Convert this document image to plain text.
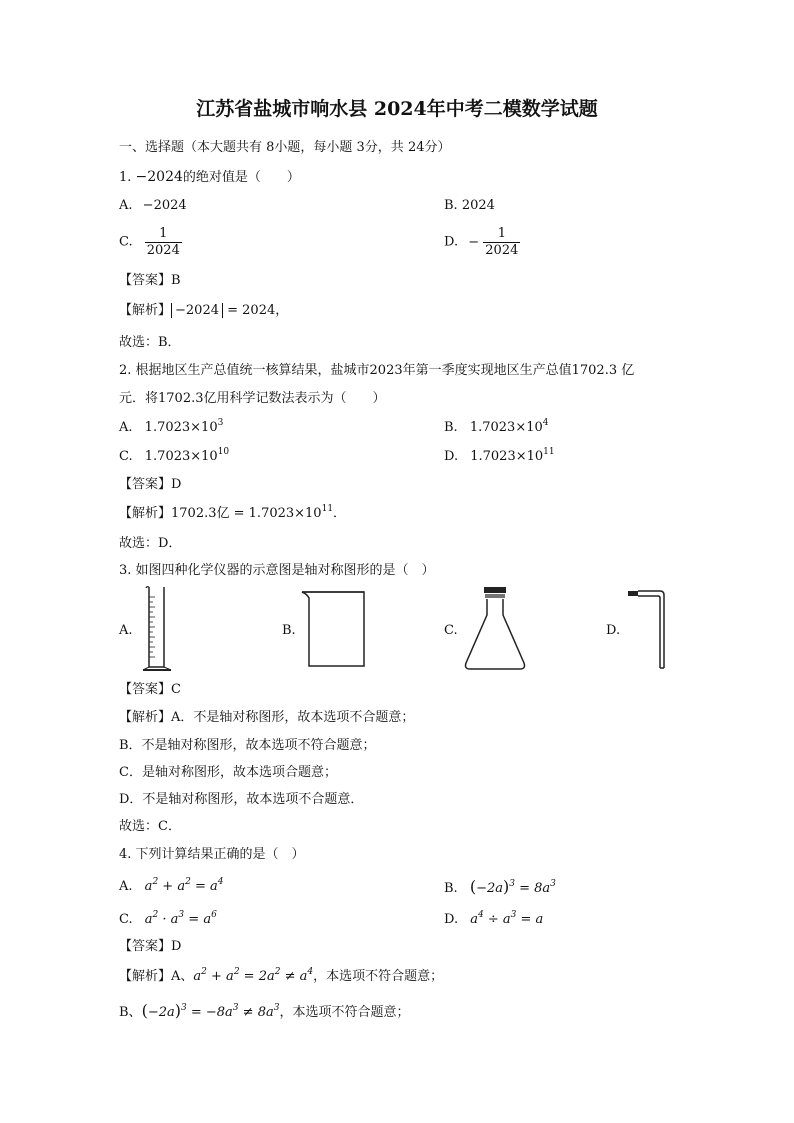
江苏省盐城市响水县 2024年中考二模数学试题
一、选择题（本大题共有 8小题，每小题 3分，共 24分）
1. −2024的绝对值是（　　）
A. −2024	B. 2024
C. $\frac{1}{2024}$	D. − $\frac{1}{2024}$
【答案】B
【解析】 −2024 = 2024，
故选：B．
2. 根据地区生产总值统一核算结果，盐城市2023年第一季度实现地区生产总值1702.3 亿
元．将1702.3亿用科学记数法表示为（　　）
A. $1.7023\times 10^3$	B. $1.7023\times 10^4$
C. $1.7023\times 10^{10}$	D. $1.7023\times 10^{11}$
【答案】D
【解析】1702.3亿 = $1.7023\times 10^{11}$．
故选：D．
3. 如图四种化学仪器的示意图是轴对称图形的是（　）
A.	B.	C.	D.
【答案】C
【解析】A．不是轴对称图形，故本选项不合题意；
B．不是轴对称图形，故本选项不符合题意；
C．是轴对称图形，故本选项合题意；
D．不是轴对称图形，故本选项不合题意．
故选：C．
4. 下列计算结果正确的是（　）
A. $a^2 + a^2 = a^4$	B. $(-2a)^3 = 8a^3$
C. $a^2 \cdot a^3 = a^6$	D. $a^4 \div a^3 = a$
【答案】D
【解析】A、$a^2 + a^2 = 2a^2 \ne a^4$，本选项不符合题意；
B、$(-2a)^3 = -8a^3 \ne 8a^3$，本选项不符合题意；
